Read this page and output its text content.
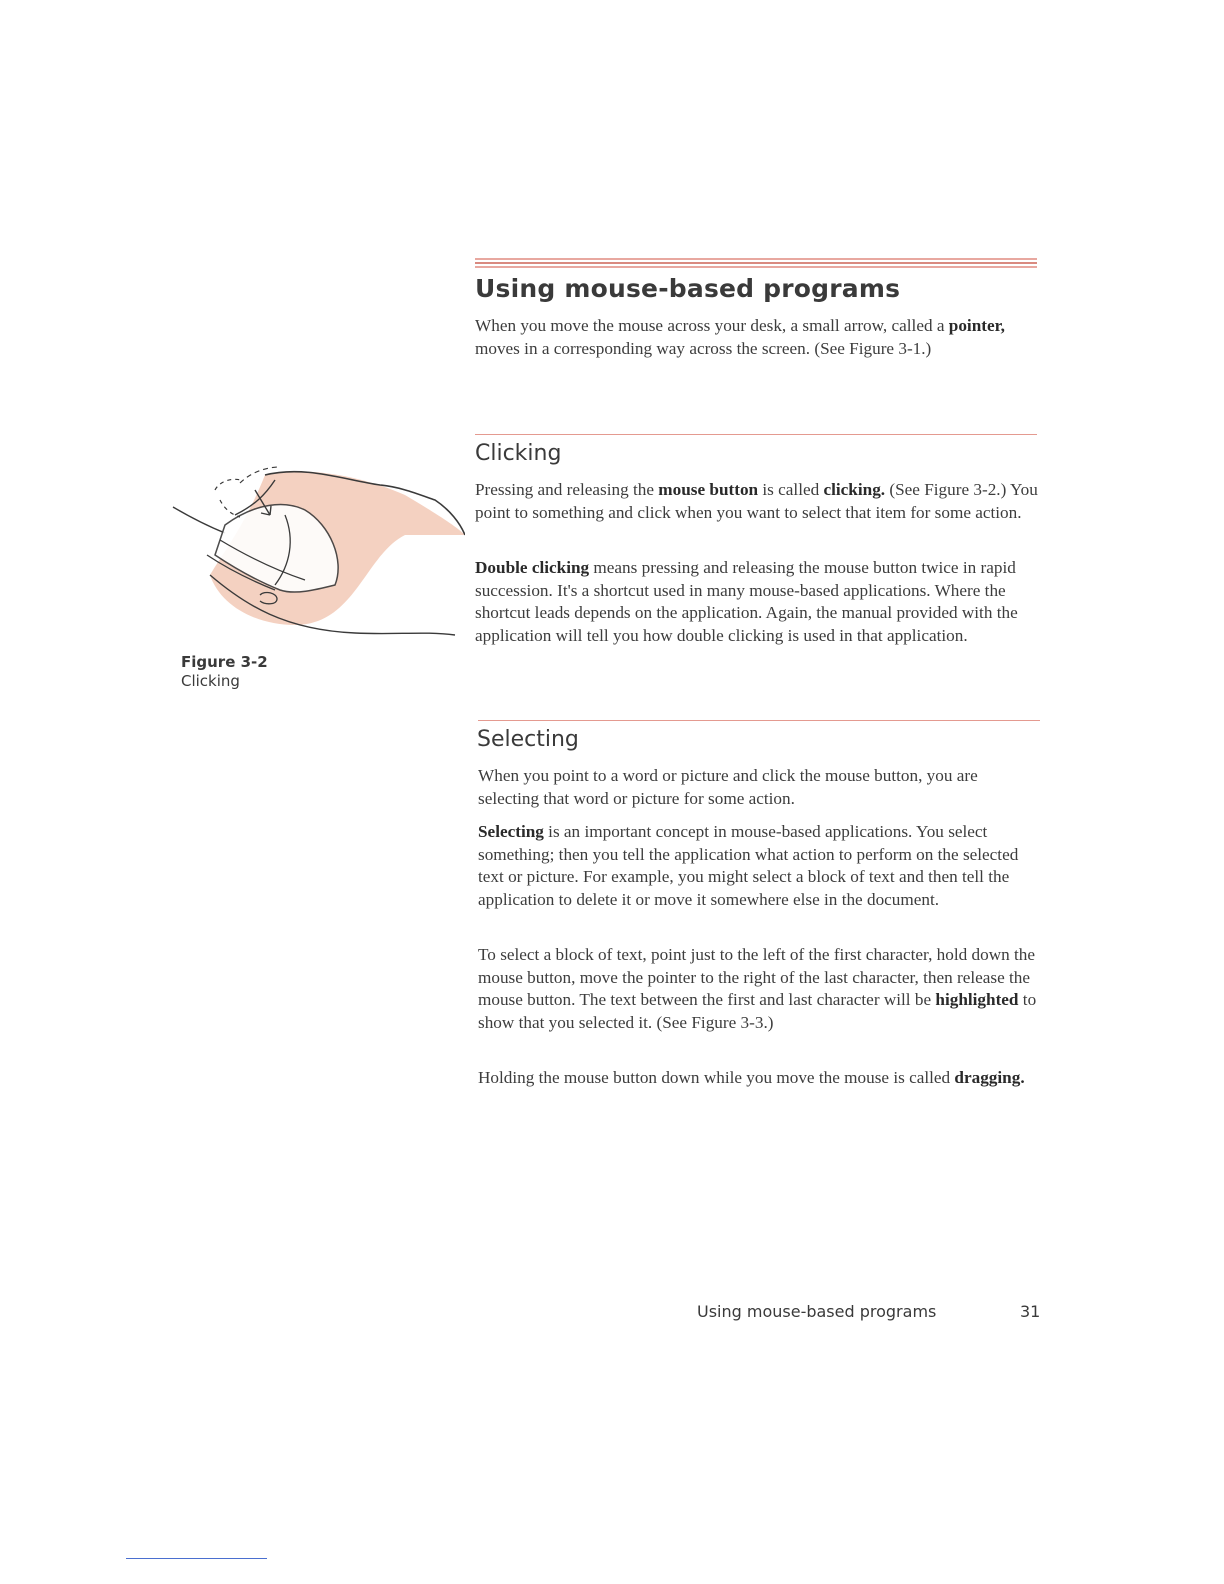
Using mouse-based programs
When you move the mouse across your desk, a small arrow, called a pointer, moves in a corresponding way across the screen. (See Figure 3-1.)
Clicking
Pressing and releasing the mouse button is called clicking. (See Figure 3-2.) You point to something and click when you want to select that item for some action.
Double clicking means pressing and releasing the mouse button twice in rapid succession. It's a shortcut used in many mouse-based applications. Where the shortcut leads depends on the application. Again, the manual provided with the application will tell you how double clicking is used in that application.
Figure 3-2
Clicking
Selecting
When you point to a word or picture and click the mouse button, you are selecting that word or picture for some action.
Selecting is an important concept in mouse-based applications. You select something; then you tell the application what action to perform on the selected text or picture. For example, you might select a block of text and then tell the application to delete it or move it somewhere else in the document.
To select a block of text, point just to the left of the first character, hold down the mouse button, move the pointer to the right of the last character, then release the mouse button. The text between the first and last character will be highlighted to show that you selected it. (See Figure 3-3.)
Holding the mouse button down while you move the mouse is called dragging.
Using mouse-based programs	31
